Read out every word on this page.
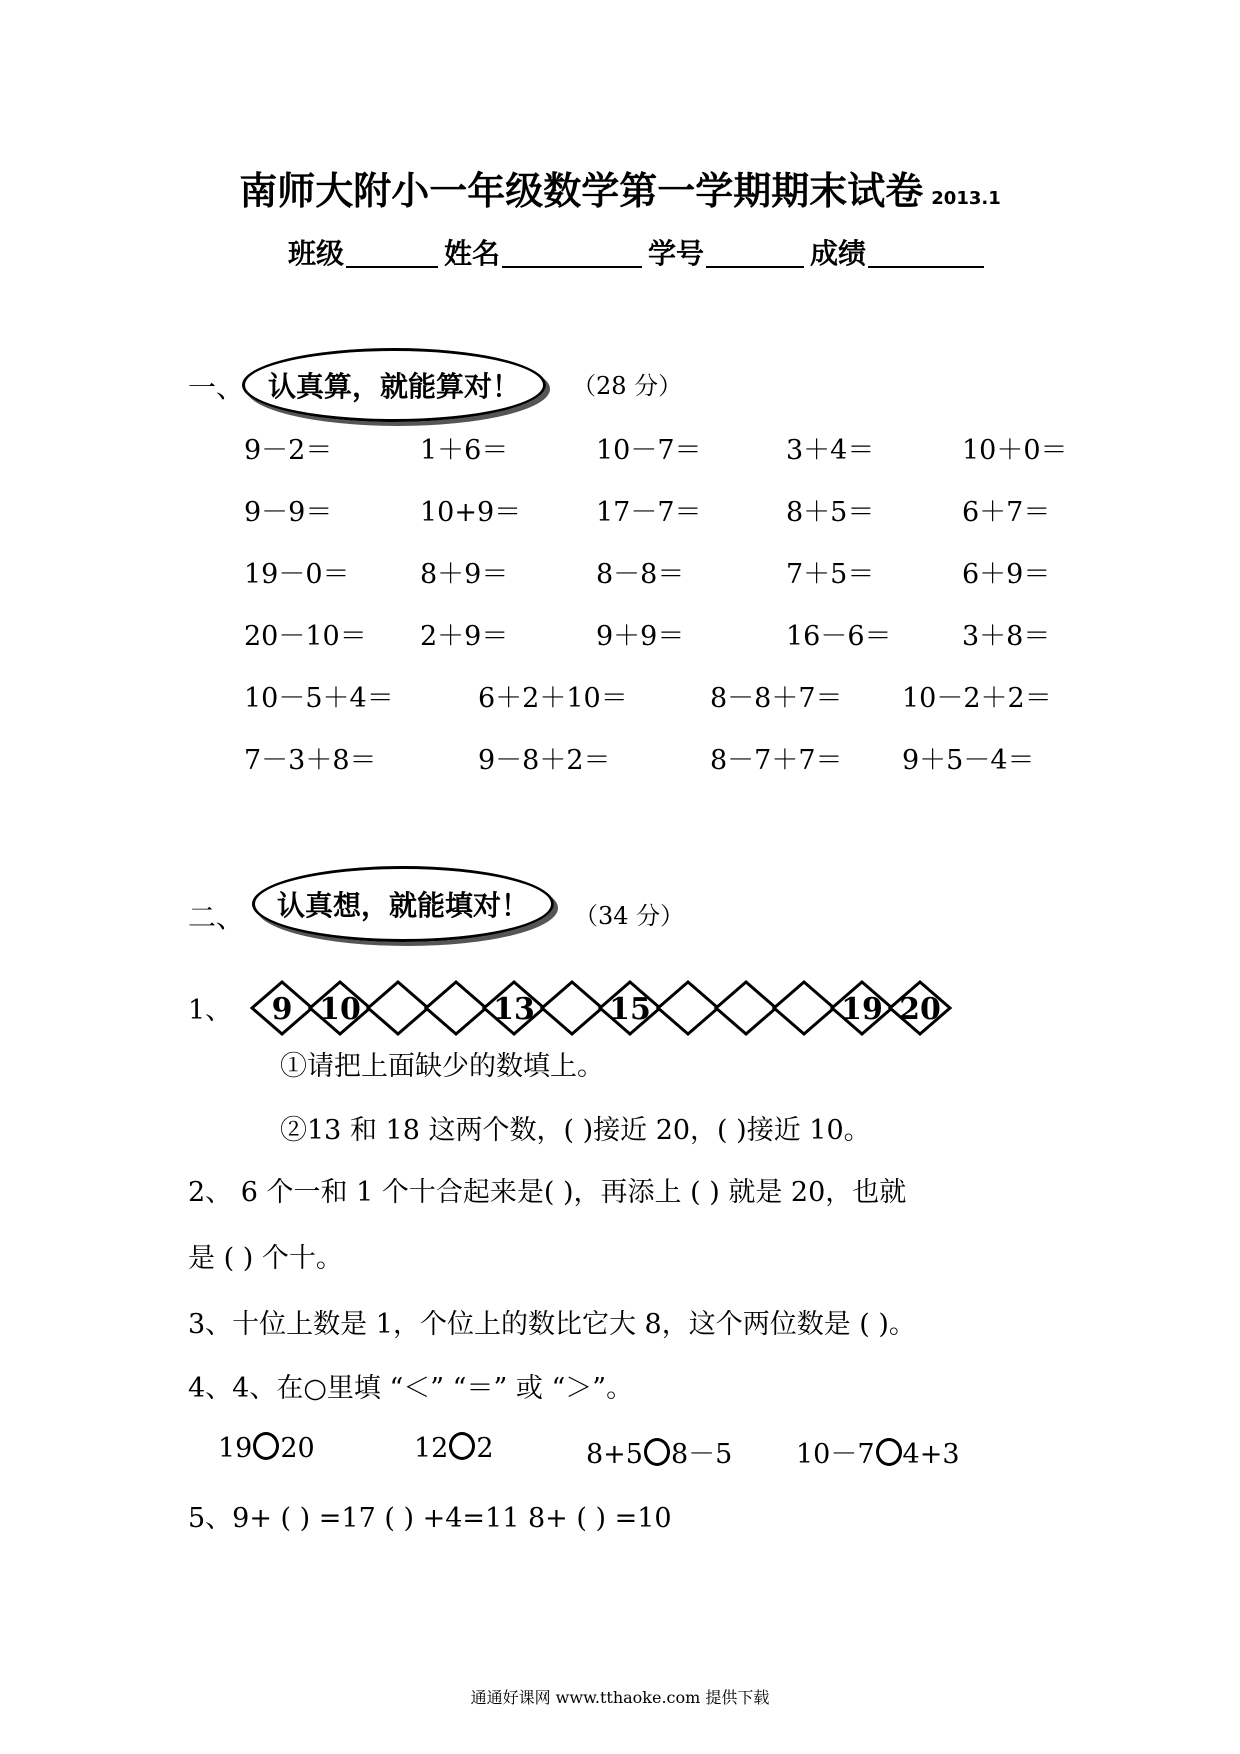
南师大附小一年级数学第一学期期末试卷 2013.1
班级	姓名	学号	成绩
一、 认真算，就能算对！ （28 分）
9－2＝	1＋6＝	10－7＝	3＋4＝	10＋0＝
9－9＝	10+9＝	17－7＝	8＋5＝	6＋7＝
19－0＝	8＋9＝	8－8＝	7＋5＝	6＋9＝
20－10＝ 2＋9＝	9＋9＝	16－6＝	3＋8＝
10－5＋4＝	6＋2＋10＝	8－8＋7＝ 10－2＋2＝
7－3＋8＝	9－8＋2＝	8－7＋7＝ 9＋5－4＝
二、 认真想，就能填对！ （34 分）
1、 9 10	13 15	19 20
①请把上面缺少的数填上。
②13 和 18 这两个数，( )接近 20，( )接近 10。
2、 6 个一和 1 个十合起来是( )，再添上 ( ) 就是 20，也就
是 ( ) 个十。
3、十位上数是 1，个位上的数比它大 8，这个两位数是 ( )。
4、4、在○里填 “＜” “＝” 或 “＞”。
19 20	12 2	8+5 8－5 10－7 4+3
5、9+ ( ) =17 ( ) +4=11 8+ ( ) =10
通通好课网 www.tthaoke.com 提供下载
